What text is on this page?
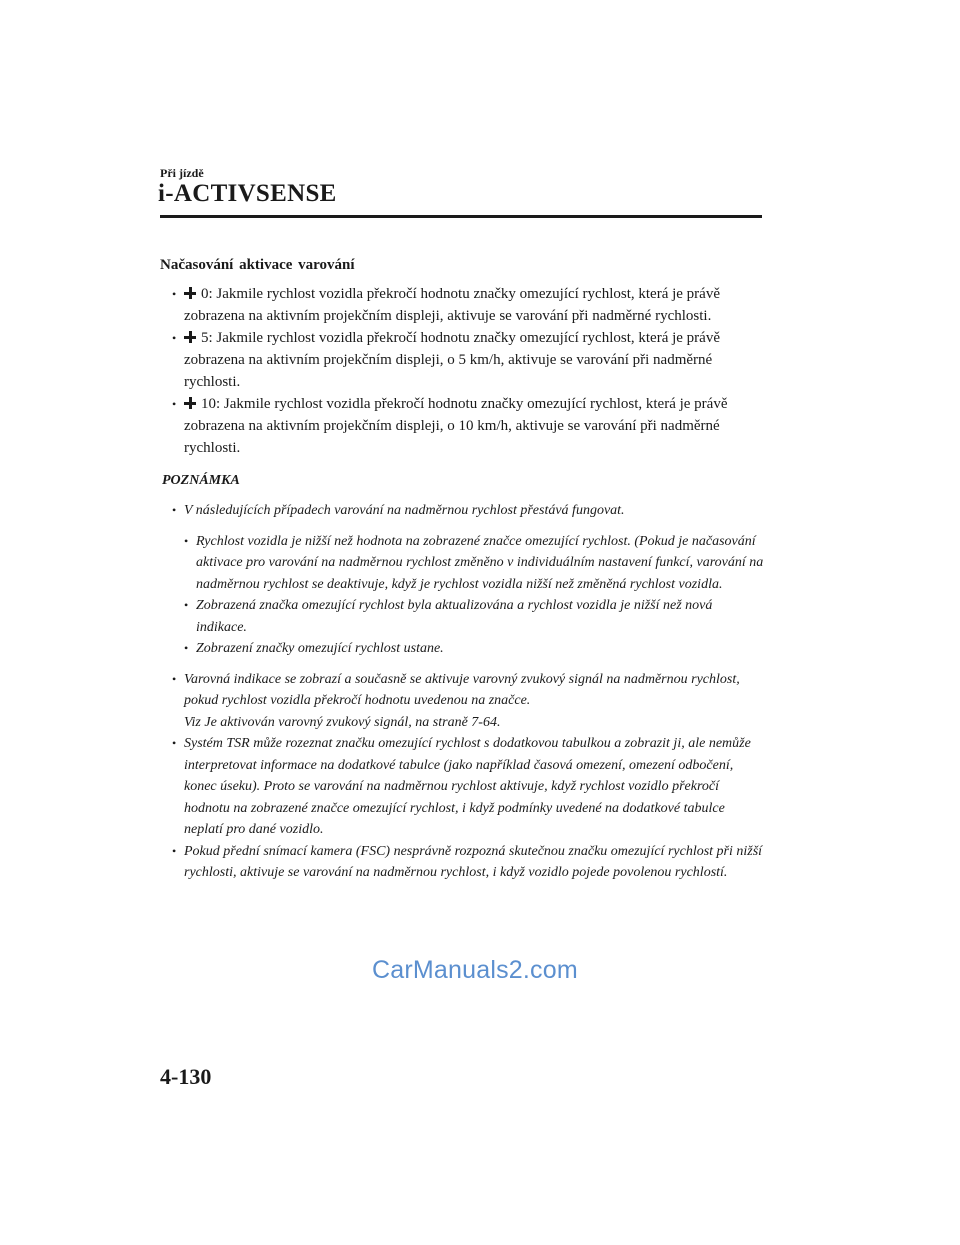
Při jízdě
i-ACTIVSENSE
Načasování aktivace varování
• 0: Jakmile rychlost vozidla překročí hodnotu značky omezující rychlost, která je právě zobrazena na aktivním projekčním displeji, aktivuje se varování při nadměrné rychlosti.
• 5: Jakmile rychlost vozidla překročí hodnotu značky omezující rychlost, která je právě zobrazena na aktivním projekčním displeji, o 5 km/h, aktivuje se varování při nadměrné rychlosti.
• 10: Jakmile rychlost vozidla překročí hodnotu značky omezující rychlost, která je právě zobrazena na aktivním projekčním displeji, o 10 km/h, aktivuje se varování při nadměrné rychlosti.
POZNÁMKA
• V následujících případech varování na nadměrnou rychlost přestává fungovat.
• Rychlost vozidla je nižší než hodnota na zobrazené značce omezující rychlost. (Pokud je načasování aktivace pro varování na nadměrnou rychlost změněno v individuálním nastavení funkcí, varování na nadměrnou rychlost se deaktivuje, když je rychlost vozidla nižší než změněná rychlost vozidla.
• Zobrazená značka omezující rychlost byla aktualizována a rychlost vozidla je nižší než nová indikace.
• Zobrazení značky omezující rychlost ustane.
• Varovná indikace se zobrazí a současně se aktivuje varovný zvukový signál na nadměrnou rychlost, pokud rychlost vozidla překročí hodnotu uvedenou na značce.
Viz Je aktivován varovný zvukový signál, na straně 7-64.
• Systém TSR může rozeznat značku omezující rychlost s dodatkovou tabulkou a zobrazit ji, ale nemůže interpretovat informace na dodatkové tabulce (jako například časová omezení, omezení odbočení, konec úseku). Proto se varování na nadměrnou rychlost aktivuje, když rychlost vozidlo překročí hodnotu na zobrazené značce omezující rychlost, i když podmínky uvedené na dodatkové tabulce neplatí pro dané vozidlo.
• Pokud přední snímací kamera (FSC) nesprávně rozpozná skutečnou značku omezující rychlost při nižší rychlosti, aktivuje se varování na nadměrnou rychlost, i když vozidlo pojede povolenou rychlostí.
CarManuals2.com
4-130
